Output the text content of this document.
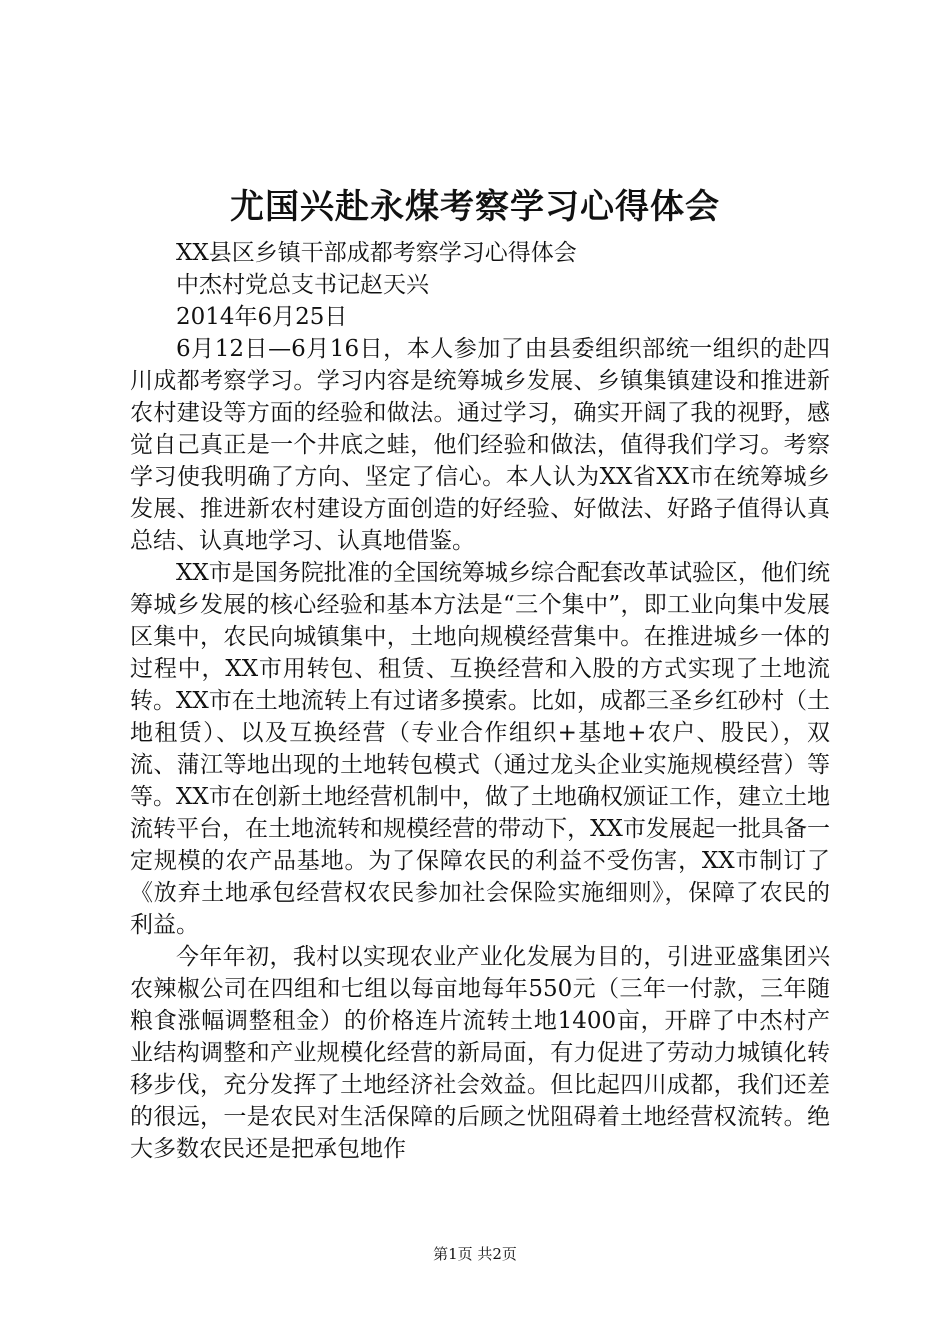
尤国兴赴永煤考察学习心得体会

XX县区乡镇干部成都考察学习心得体会

中杰村党总支书记赵天兴

2014年6月25日

6月12日—6月16日，本人参加了由县委组织部统一组织的赴四川成都考察学习。学习内容是统筹城乡发展、乡镇集镇建设和推进新农村建设等方面的经验和做法。通过学习，确实开阔了我的视野，感觉自己真正是一个井底之蛙，他们经验和做法，值得我们学习。考察学习使我明确了方向、坚定了信心。本人认为XX省XX市在统筹城乡发展、推进新农村建设方面创造的好经验、好做法、好路子值得认真总结、认真地学习、认真地借鉴。

XX市是国务院批准的全国统筹城乡综合配套改革试验区，他们统筹城乡发展的核心经验和基本方法是“三个集中”，即工业向集中发展区集中，农民向城镇集中，土地向规模经营集中。在推进城乡一体的过程中，XX市用转包、租赁、互换经营和入股的方式实现了土地流转。XX市在土地流转上有过诸多摸索。比如，成都三圣乡红砂村（土地租赁）、以及互换经营（专业合作组织+基地+农户、股民），双流、蒲江等地出现的土地转包模式（通过龙头企业实施规模经营）等等。XX市在创新土地经营机制中，做了土地确权颁证工作，建立土地流转平台，在土地流转和规模经营的带动下，XX市发展起一批具备一定规模的农产品基地。为了保障农民的利益不受伤害，XX市制订了《放弃土地承包经营权农民参加社会保险实施细则》，保障了农民的利益。

今年年初，我村以实现农业产业化发展为目的，引进亚盛集团兴农辣椒公司在四组和七组以每亩地每年550元（三年一付款，三年随粮食涨幅调整租金）的价格连片流转土地1400亩，开辟了中杰村产业结构调整和产业规模化经营的新局面，有力促进了劳动力城镇化转移步伐，充分发挥了土地经济社会效益。但比起四川成都，我们还差的很远，一是农民对生活保障的后顾之忧阻碍着土地经营权流转。绝大多数农民还是把承包地作

第1页 共2页
